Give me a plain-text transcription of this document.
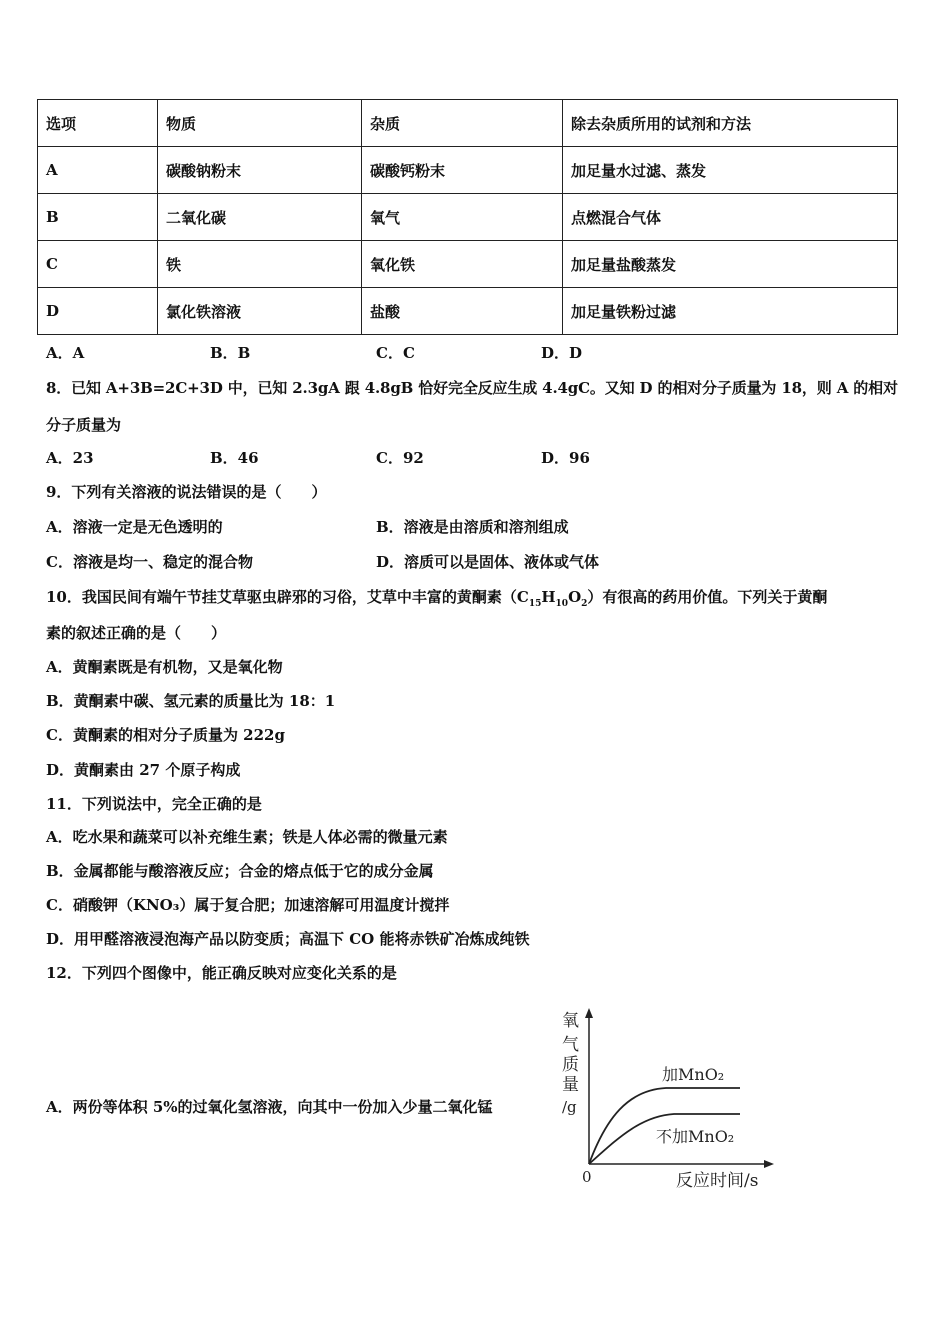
选项	物质	杂质	除去杂质所用的试剂和方法
A	碳酸钠粉末	碳酸钙粉末	加足量水过滤、蒸发
B	二氧化碳	氧气	点燃混合气体
C	铁	氧化铁	加足量盐酸蒸发
D	氯化铁溶液	盐酸	加足量铁粉过滤
A．A	B．B	C．C	D．D
8．已知 A+3B=2C+3D 中，已知 2.3gA 跟 4.8gB 恰好完全反应生成 4.4gC。又知 D 的相对分子质量为 18，则 A 的相对
分子质量为
A．23	B．46	C．92	D．96
9．下列有关溶液的说法错误的是（　　）
A．溶液一定是无色透明的	B．溶液是由溶质和溶剂组成
C．溶液是均一、稳定的混合物	D．溶质可以是固体、液体或气体
10．我国民间有端午节挂艾草驱虫辟邪的习俗，艾草中丰富的黄酮素$(C_{15}H_{10}O_2)$有很高的药用价值。下列关于黄酮
素的叙述正确的是（　　）
A．黄酮素既是有机物，又是氧化物
B．黄酮素中碳、氢元素的质量比为 18：1
C．黄酮素的相对分子质量为 222g
D．黄酮素由 27 个原子构成
11．下列说法中，完全正确的是
A．吃水果和蔬菜可以补充维生素；铁是人体必需的微量元素
B．金属都能与酸溶液反应；合金的熔点低于它的成分金属
C．硝酸钾（KNO₃）属于复合肥；加速溶解可用温度计搅拌
D．用甲醛溶液浸泡海产品以防变质；高温下 CO 能将赤铁矿冶炼成纯铁
12．下列四个图像中，能正确反映对应变化关系的是
A．两份等体积 5%的过氧化氢溶液，向其中一份加入少量二氧化锰
氧
气
质
量
/g
0	反应时间/s
加MnO₂
不加MnO₂
